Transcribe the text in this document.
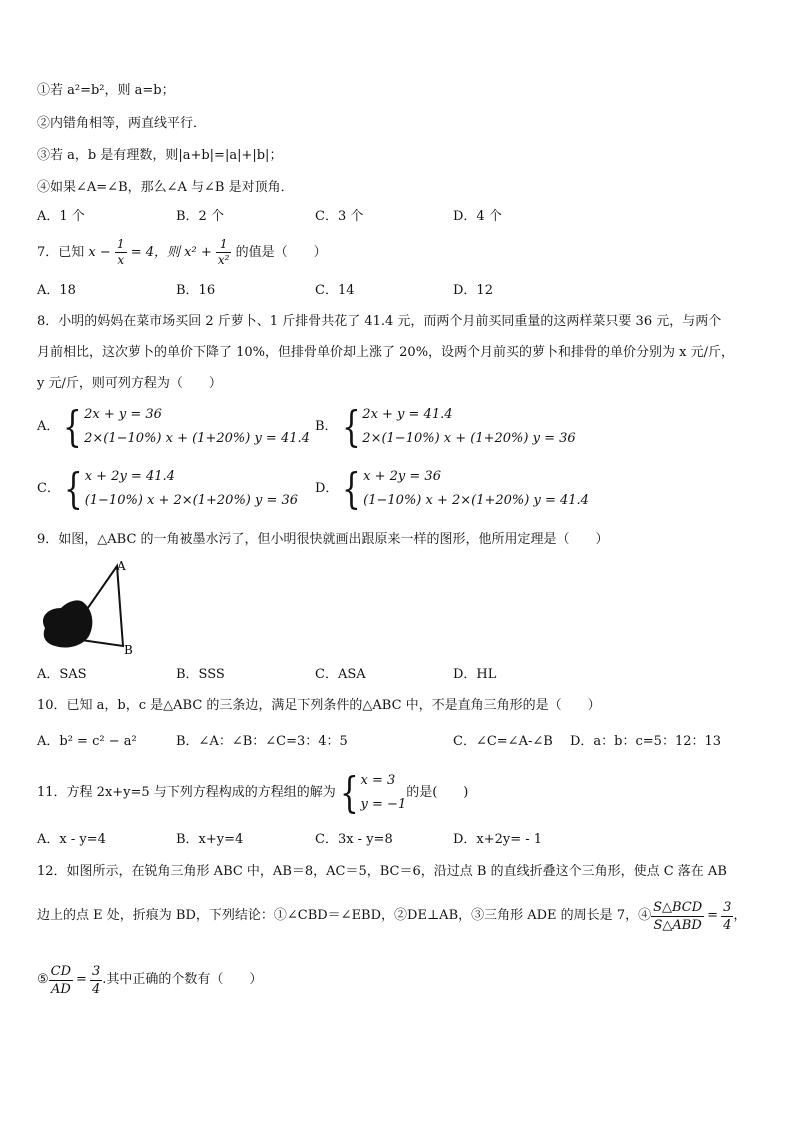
①若 a²=b²，则 a=b；
②内错角相等，两直线平行．
③若 a，b 是有理数，则|a+b|=|a|+|b|；
④如果∠A=∠B，那么∠A 与∠B 是对顶角．
A．1 个	B．2 个	C．3 个	D．4 个
7．已知 $x - \frac{1}{x} = 4$，则 $x^2 + \frac{1}{\text{x²}}$ 的值是（　　）
A．18	B．16	C．14	D．12
8．小明的妈妈在菜市场买回 2 斤萝卜、1 斤排骨共花了 41.4 元，而两个月前买同重量的这两样菜只要 36 元，与两个
月前相比，这次萝卜的单价下降了 10%，但排骨单价却上涨了 20%，设两个月前买的萝卜和排骨的单价分别为 x 元/斤，
y 元/斤，则可列方程为（　　）
A． { 2x + y = 36
2×(1−10%) x + (1+20%) y = 41.4
B． { 2x + y = 41.4
2×(1−10%) x + (1+20%) y = 36
C． { x + 2y = 41.4
(1−10%) x + 2×(1+20%) y = 36
D． { x + 2y = 36
(1−10%) x + 2×(1+20%) y = 41.4
9．如图，△ABC 的一角被墨水污了，但小明很快就画出跟原来一样的图形，他所用定理是（　　）
A
B
A．SAS	B．SSS	C．ASA	D．HL
10．已知 a，b，c 是△ABC 的三条边，满足下列条件的△ABC 中，不是直角三角形的是（　　）
A．b² = c² − a²	B．∠A：∠B：∠C=3：4：5	C．∠C=∠A-∠B D．a：b：c=5：12：13
11．方程 2x+y=5 与下列方程构成的方程组的解为 { x = 3
y = −1
的是(　　)
A．x - y=4	B．x+y=4	C．3x - y=8	D．x+2y= - 1
12．如图所示，在锐角三角形 ABC 中，AB＝8，AC＝5，BC＝6，沿过点 B 的直线折叠这个三角形，使点 C 落在 AB
边上的点 E 处，折痕为 BD，下列结论：①∠CBD＝∠EBD，②DE⊥AB，③三角形 ADE 的周长是 7，④ $\frac{\text{S△BCD}}{\text{S△ABD}} = \frac{3}{4}$ ，
⑤ $\frac{CD}{AD} = \frac{3}{4}$ .其中正确的个数有（　　）
